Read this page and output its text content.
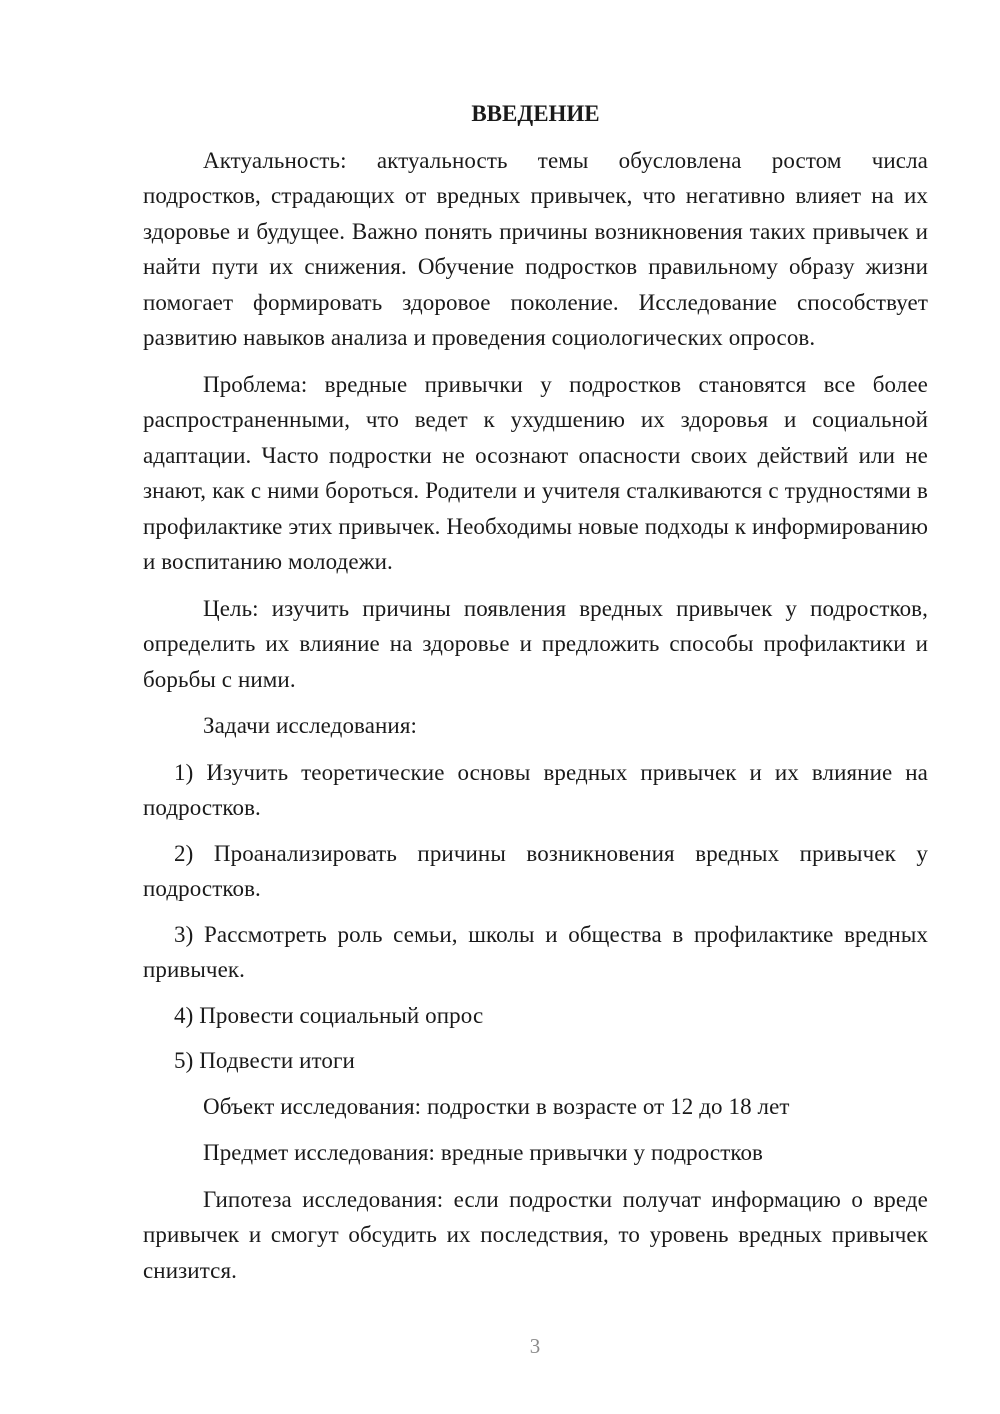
ВВЕДЕНИЕ

Актуальность: актуальность темы обусловлена ростом числа подростков, страдающих от вредных привычек, что негативно влияет на их здоровье и будущее. Важно понять причины возникновения таких привычек и найти пути их снижения. Обучение подростков правильному образу жизни помогает формировать здоровое поколение. Исследование способствует развитию навыков анализа и проведения социологических опросов.

Проблема: вредные привычки у подростков становятся все более распространенными, что ведет к ухудшению их здоровья и социальной адаптации. Часто подростки не осознают опасности своих действий или не знают, как с ними бороться. Родители и учителя сталкиваются с трудностями в профилактике этих привычек. Необходимы новые подходы к информированию и воспитанию молодежи.

Цель: изучить причины появления вредных привычек у подростков, определить их влияние на здоровье и предложить способы профилактики и борьбы с ними.

Задачи исследования:

1) Изучить теоретические основы вредных привычек и их влияние на подростков.

2) Проанализировать причины возникновения вредных привычек у подростков.

3) Рассмотреть роль семьи, школы и общества в профилактике вредных привычек.

4) Провести социальный опрос

5) Подвести итоги

Объект исследования: подростки в возрасте от 12 до 18 лет

Предмет исследования: вредные привычки у подростков

Гипотеза исследования: если подростки получат информацию о вреде привычек и смогут обсудить их последствия, то уровень вредных привычек снизится.

3
